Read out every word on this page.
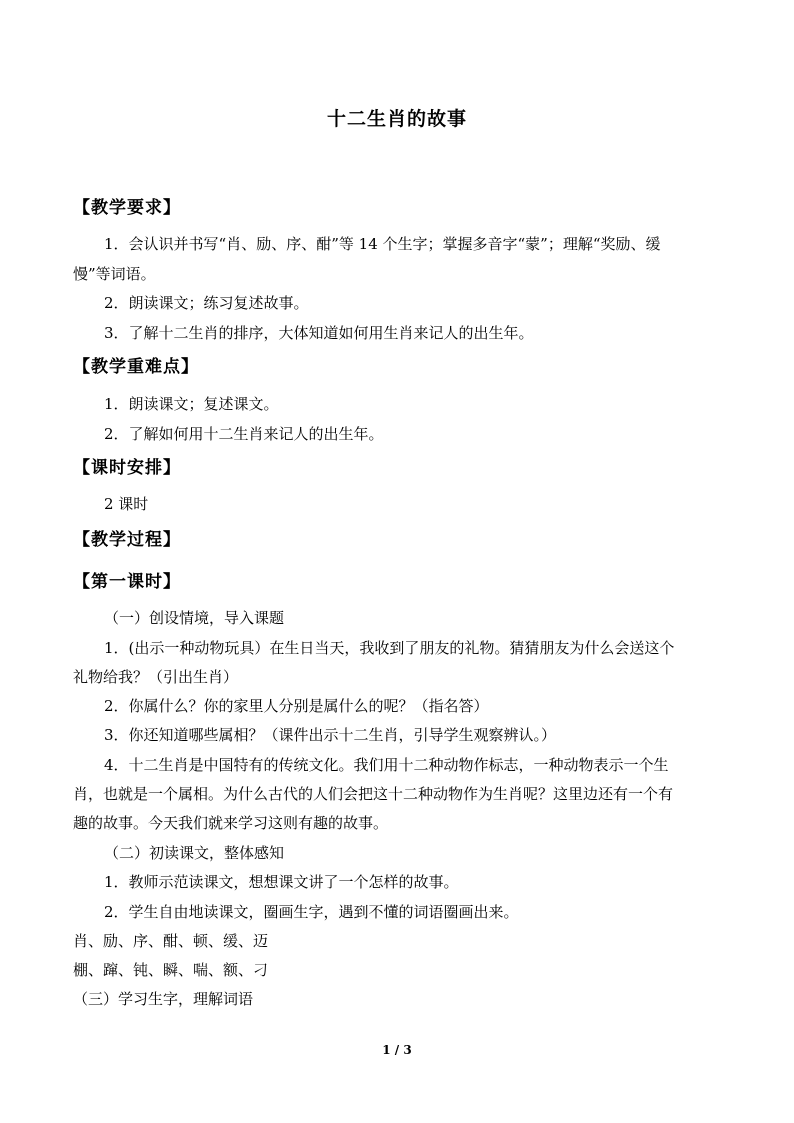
十二生肖的故事
【教学要求】
1．会认识并书写“肖、励、序、酣”等 14 个生字；掌握多音字“蒙”；理解“奖励、缓
慢”等词语。
2．朗读课文；练习复述故事。
3．了解十二生肖的排序，大体知道如何用生肖来记人的出生年。
【教学重难点】
1．朗读课文；复述课文。
2．了解如何用十二生肖来记人的出生年。
【课时安排】
2 课时
【教学过程】
【第一课时】
（一）创设情境，导入课题
1．(出示一种动物玩具）在生日当天，我收到了朋友的礼物。猜猜朋友为什么会送这个
礼物给我？（引出生肖）
2．你属什么？你的家里人分别是属什么的呢？（指名答）
3．你还知道哪些属相？（课件出示十二生肖，引导学生观察辨认。）
4．十二生肖是中国特有的传统文化。我们用十二种动物作标志，一种动物表示一个生
肖，也就是一个属相。为什么古代的人们会把这十二种动物作为生肖呢？这里边还有一个有
趣的故事。今天我们就来学习这则有趣的故事。
（二）初读课文，整体感知
1．教师示范读课文，想想课文讲了一个怎样的故事。
2．学生自由地读课文，圈画生字，遇到不懂的词语圈画出来。
肖、励、序、酣、顿、缓、迈
棚、蹿、钝、瞬、喘、额、刁
（三）学习生字，理解词语
1 / 3
